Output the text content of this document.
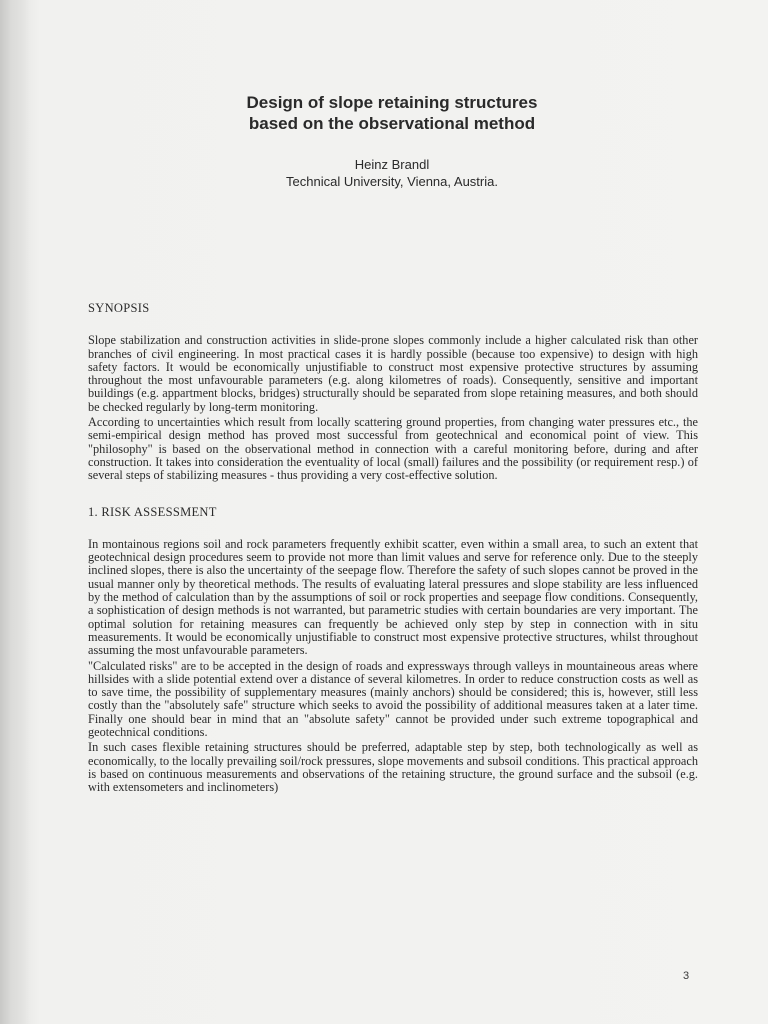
Design of slope retaining structures
based on the observational method
Heinz Brandl
Technical University, Vienna, Austria.
SYNOPSIS

Slope stabilization and construction activities in slide-prone slopes commonly include a higher calculated risk than other branches of civil engineering. In most practical cases it is hardly possible (because too expensive) to design with high safety factors. It would be economically unjustifiable to construct most expensive protective structures by assuming throughout the most unfavourable parameters (e.g. along kilometres of roads). Consequently, sensitive and important buildings (e.g. appartment blocks, bridges) structurally should be separated from slope retaining measures, and both should be checked regularly by long-term monitoring.

According to uncertainties which result from locally scattering ground properties, from changing water pressures etc., the semi-empirical design method has proved most successful from geotechnical and economical point of view. This "philosophy" is based on the observational method in connection with a careful monitoring before, during and after construction. It takes into consideration the eventuality of local (small) failures and the possibility (or requirement resp.) of several steps of stabilizing measures - thus providing a very cost-effective solution.

1. RISK ASSESSMENT

In montainous regions soil and rock parameters frequently exhibit scatter, even within a small area, to such an extent that geotechnical design procedures seem to provide not more than limit values and serve for reference only. Due to the steeply inclined slopes, there is also the uncertainty of the seepage flow. Therefore the safety of such slopes cannot be proved in the usual manner only by theoretical methods. The results of evaluating lateral pressures and slope stability are less influenced by the method of calculation than by the assumptions of soil or rock properties and seepage flow conditions. Consequently, a sophistication of design methods is not warranted, but parametric studies with certain boundaries are very important. The optimal solution for retaining measures can frequently be achieved only step by step in connection with in situ measurements. It would be economically unjustifiable to construct most expensive protective structures, whilst throughout assuming the most unfavourable parameters.

"Calculated risks" are to be accepted in the design of roads and expressways through valleys in mountaineous areas where hillsides with a slide potential extend over a distance of several kilometres. In order to reduce construction costs as well as to save time, the possibility of supplementary measures (mainly anchors) should be considered; this is, however, still less costly than the "absolutely safe" structure which seeks to avoid the possibility of additional measures taken at a later time. Finally one should bear in mind that an "absolute safety" cannot be provided under such extreme topographical and geotechnical conditions.

In such cases flexible retaining structures should be preferred, adaptable step by step, both technologically as well as economically, to the locally prevailing soil/rock pressures, slope movements and subsoil conditions. This practical approach is based on continuous measurements and observations of the retaining structure, the ground surface and the subsoil (e.g. with extensometers and inclinometers)

3
